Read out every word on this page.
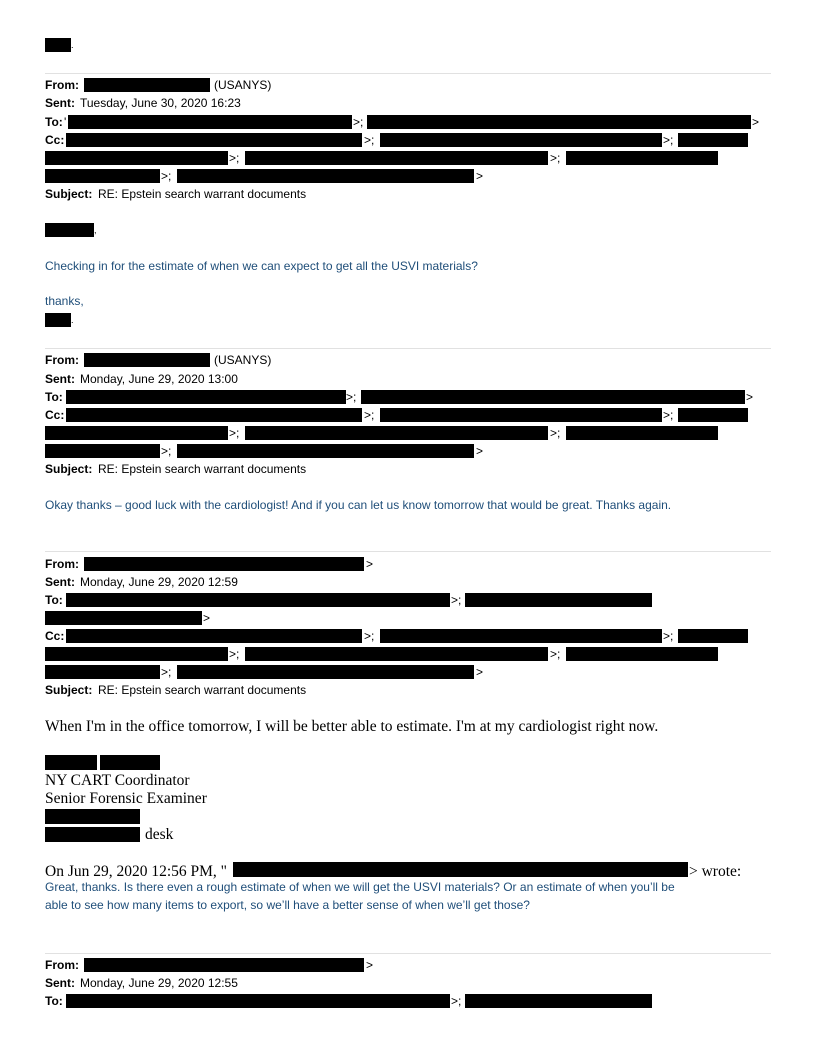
.
From:	(USANYS)
Sent: Tuesday, June 30, 2020 16:23
To: '	>;	>
Cc:	>;	>;
>;	>;
>;	>
Subject: RE: Epstein search warrant documents
,
Checking in for the estimate of when we can expect to get all the USVI materials?
thanks,
.
From:	(USANYS)
Sent: Monday, June 29, 2020 13:00
To:	>;	>
Cc:	>;	>;
>;	>;
>;	>
Subject: RE: Epstein search warrant documents
Okay thanks – good luck with the cardiologist! And if you can let us know tomorrow that would be great. Thanks again.
From:	>
Sent: Monday, June 29, 2020 12:59
To:	>;
>
Cc:	>;	>;
>;	>;
>;	>
Subject: RE: Epstein search warrant documents
When I'm in the office tomorrow, I will be better able to estimate. I'm at my cardiologist right now.
NY CART Coordinator
Senior Forensic Examiner
desk
On Jun 29, 2020 12:56 PM, "	> wrote:
Great, thanks. Is there even a rough estimate of when we will get the USVI materials? Or an estimate of when you’ll be
able to see how many items to export, so we’ll have a better sense of when we’ll get those?
From:	>
Sent: Monday, June 29, 2020 12:55
To:	>;
